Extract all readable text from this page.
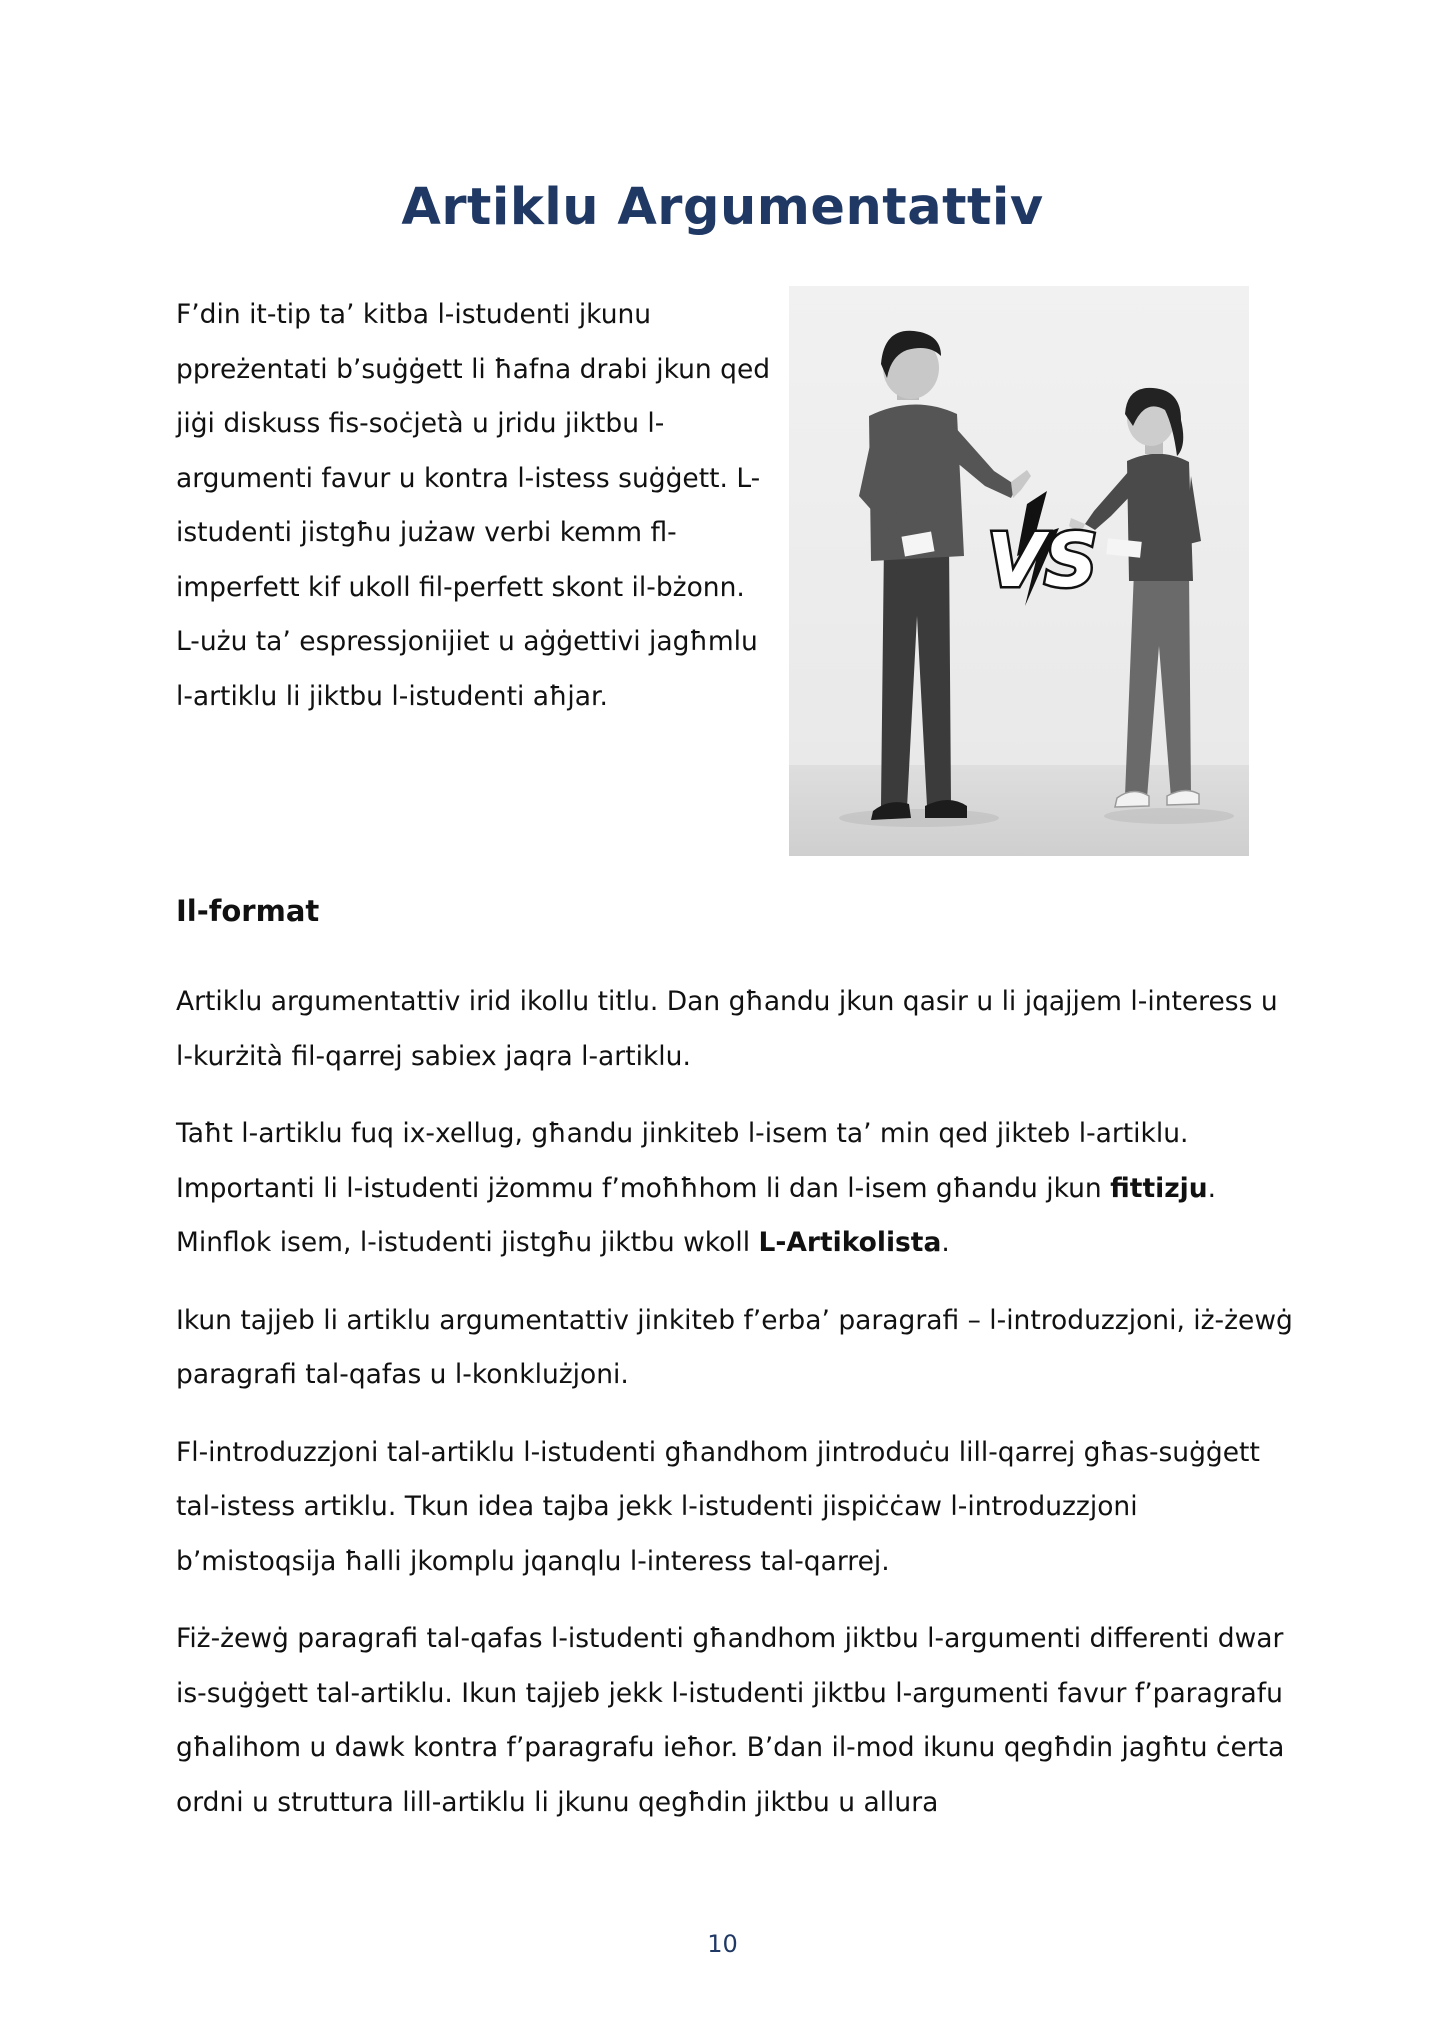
Artiklu Argumentattiv

F’din it-tip ta’ kitba l-istudenti jkunu ppreżentati b’suġġett li ħafna drabi jkun qed jiġi diskuss fis-soċjetà u jridu jiktbu l-argumenti favur u kontra l-istess suġġett. L-istudenti jistgħu jużaw verbi kemm fl-imperfett kif ukoll fil-perfett skont il-bżonn. L-użu ta’ espressjonijiet u aġġettivi jagħmlu l-artiklu li jiktbu l-istudenti aħjar.

VS
Il-format

Artiklu argumentattiv irid ikollu titlu. Dan għandu jkun qasir u li jqajjem l-interess u l-kurżità fil-qarrej sabiex jaqra l-artiklu.

Taħt l-artiklu fuq ix-xellug, għandu jinkiteb l-isem ta’ min qed jikteb l-artiklu. Importanti li l-istudenti jżommu f’moħħhom li dan l-isem għandu jkun fittizju. Minflok isem, l-istudenti jistgħu jiktbu wkoll L-Artikolista.

Ikun tajjeb li artiklu argumentattiv jinkiteb f’erba’ paragrafi – l-introduzzjoni, iż-żewġ paragrafi tal-qafas u l-konklużjoni.

Fl-introduzzjoni tal-artiklu l-istudenti għandhom jintroduċu lill-qarrej għas-suġġett tal-istess artiklu. Tkun idea tajba jekk l-istudenti jispiċċaw l-introduzzjoni b’mistoqsija ħalli jkomplu jqanqlu l-interess tal-qarrej.

Fiż-żewġ paragrafi tal-qafas l-istudenti għandhom jiktbu l-argumenti differenti dwar is-suġġett tal-artiklu. Ikun tajjeb jekk l-istudenti jiktbu l-argumenti favur f’paragrafu għalihom u dawk kontra f’paragrafu ieħor. B’dan il-mod ikunu qegħdin jagħtu ċerta ordni u struttura lill-artiklu li jkunu qegħdin jiktbu u allura

10
